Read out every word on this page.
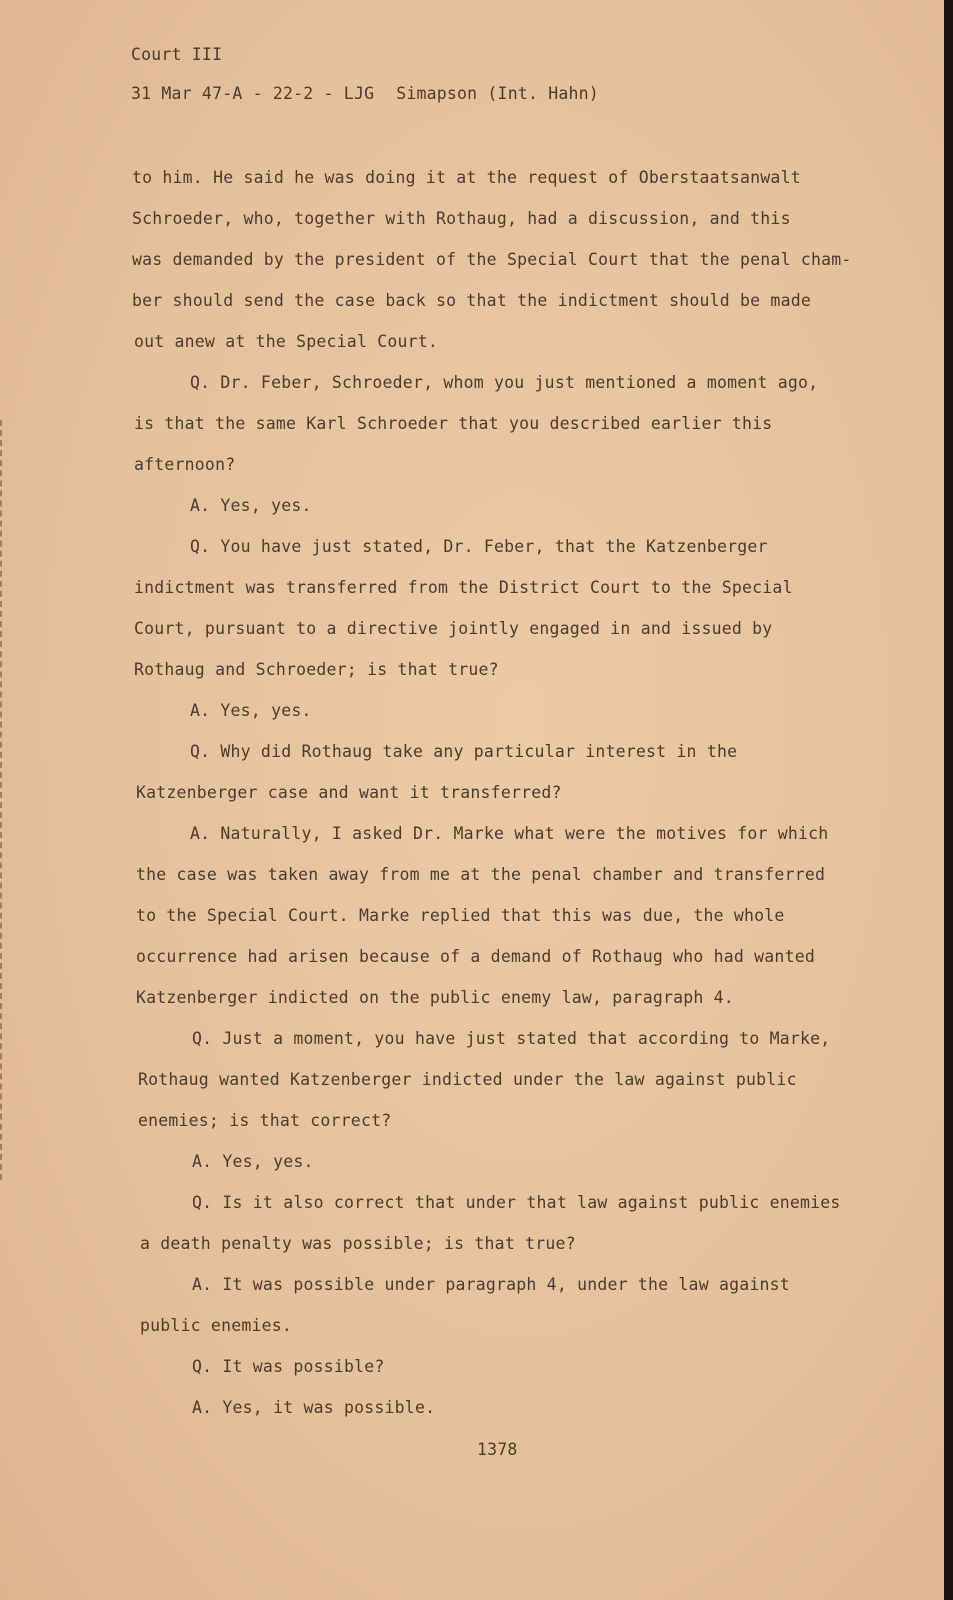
Court III
31 Mar 47-A - 22-2 - LJG Simapson (Int. Hahn)
to him. He said he was doing it at the request of Oberstaatsanwalt
Schroeder, who, together with Rothaug, had a discussion, and this
was demanded by the president of the Special Court that the penal cham-
ber should send the case back so that the indictment should be made
out anew at the Special Court.
Q. Dr. Feber, Schroeder, whom you just mentioned a moment ago,
is that the same Karl Schroeder that you described earlier this
afternoon?
A. Yes, yes.
Q. You have just stated, Dr. Feber, that the Katzenberger
indictment was transferred from the District Court to the Special
Court, pursuant to a directive jointly engaged in and issued by
Rothaug and Schroeder; is that true?
A. Yes, yes.
Q. Why did Rothaug take any particular interest in the
Katzenberger case and want it transferred?
A. Naturally, I asked Dr. Marke what were the motives for which
the case was taken away from me at the penal chamber and transferred
to the Special Court. Marke replied that this was due, the whole
occurrence had arisen because of a demand of Rothaug who had wanted
Katzenberger indicted on the public enemy law, paragraph 4.
Q. Just a moment, you have just stated that according to Marke,
Rothaug wanted Katzenberger indicted under the law against public
enemies; is that correct?
A. Yes, yes.
Q. Is it also correct that under that law against public enemies
a death penalty was possible; is that true?
A. It was possible under paragraph 4, under the law against
public enemies.
Q. It was possible?
A. Yes, it was possible.
1378
